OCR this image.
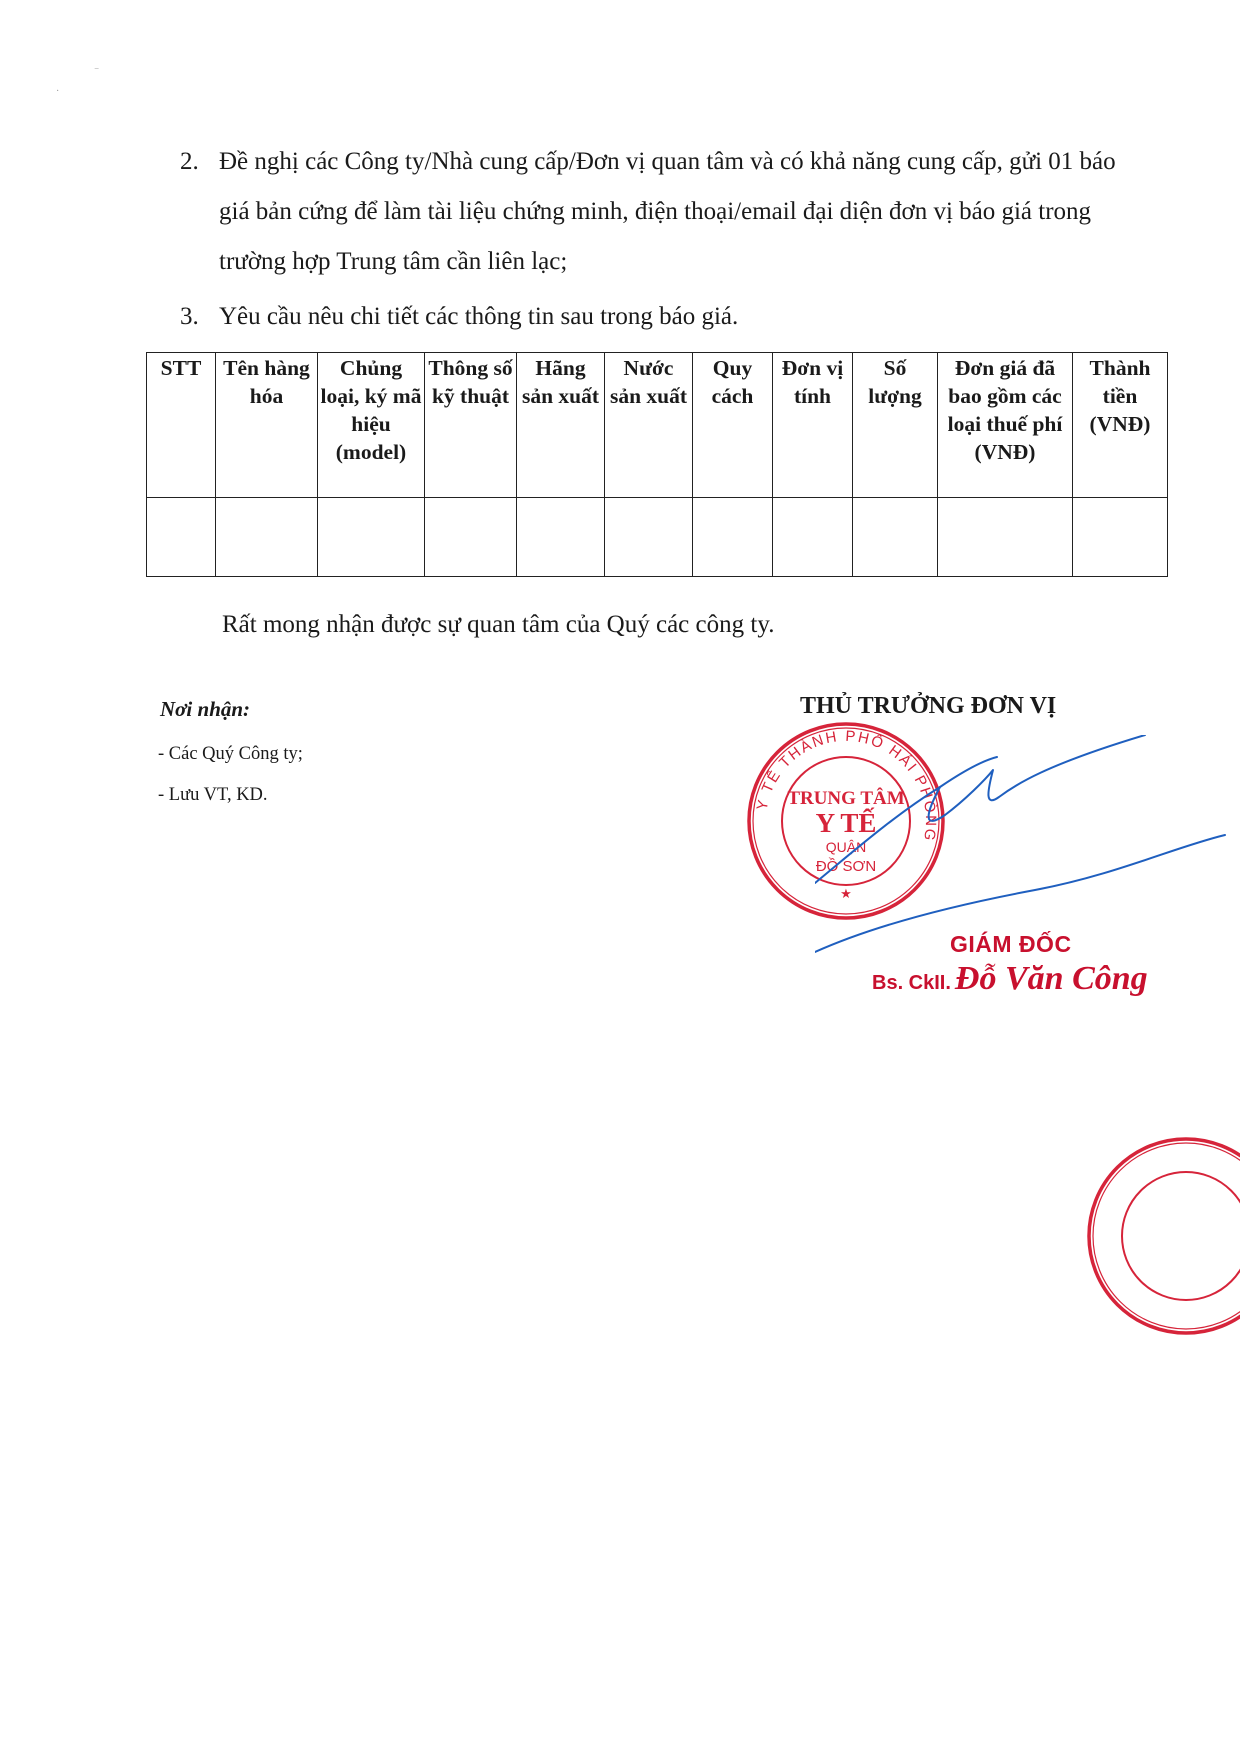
⁻
·
2. Đề nghị các Công ty/Nhà cung cấp/Đơn vị quan tâm và có khả năng cung cấp, gửi 01 báo giá bản cứng để làm tài liệu chứng minh, điện thoại/email đại diện đơn vị báo giá trong trường hợp Trung tâm cần liên lạc;
3. Yêu cầu nêu chi tiết các thông tin sau trong báo giá.
STT	Tên hàng hóa	Chủng loại, ký mã hiệu (model)	Thông số kỹ thuật	Hãng sản xuất	Nước sản xuất	Quy cách	Đơn vị tính	Số lượng	Đơn giá đã bao gồm các loại thuế phí (VNĐ)	Thành tiền (VNĐ)

Rất mong nhận được sự quan tâm của Quý các công ty.
Nơi nhận:
- Các Quý Công ty;
- Lưu VT, KD.
THỦ TRƯỞNG ĐƠN VỊ
Y TẾ THÀNH PHỐ HẢI PHÒNG
TRUNG TÂM
Y TẾ
QUẬN
ĐỒ SƠN
★
GIÁM ĐỐC
Bs. CkII. Đỗ Văn Công
